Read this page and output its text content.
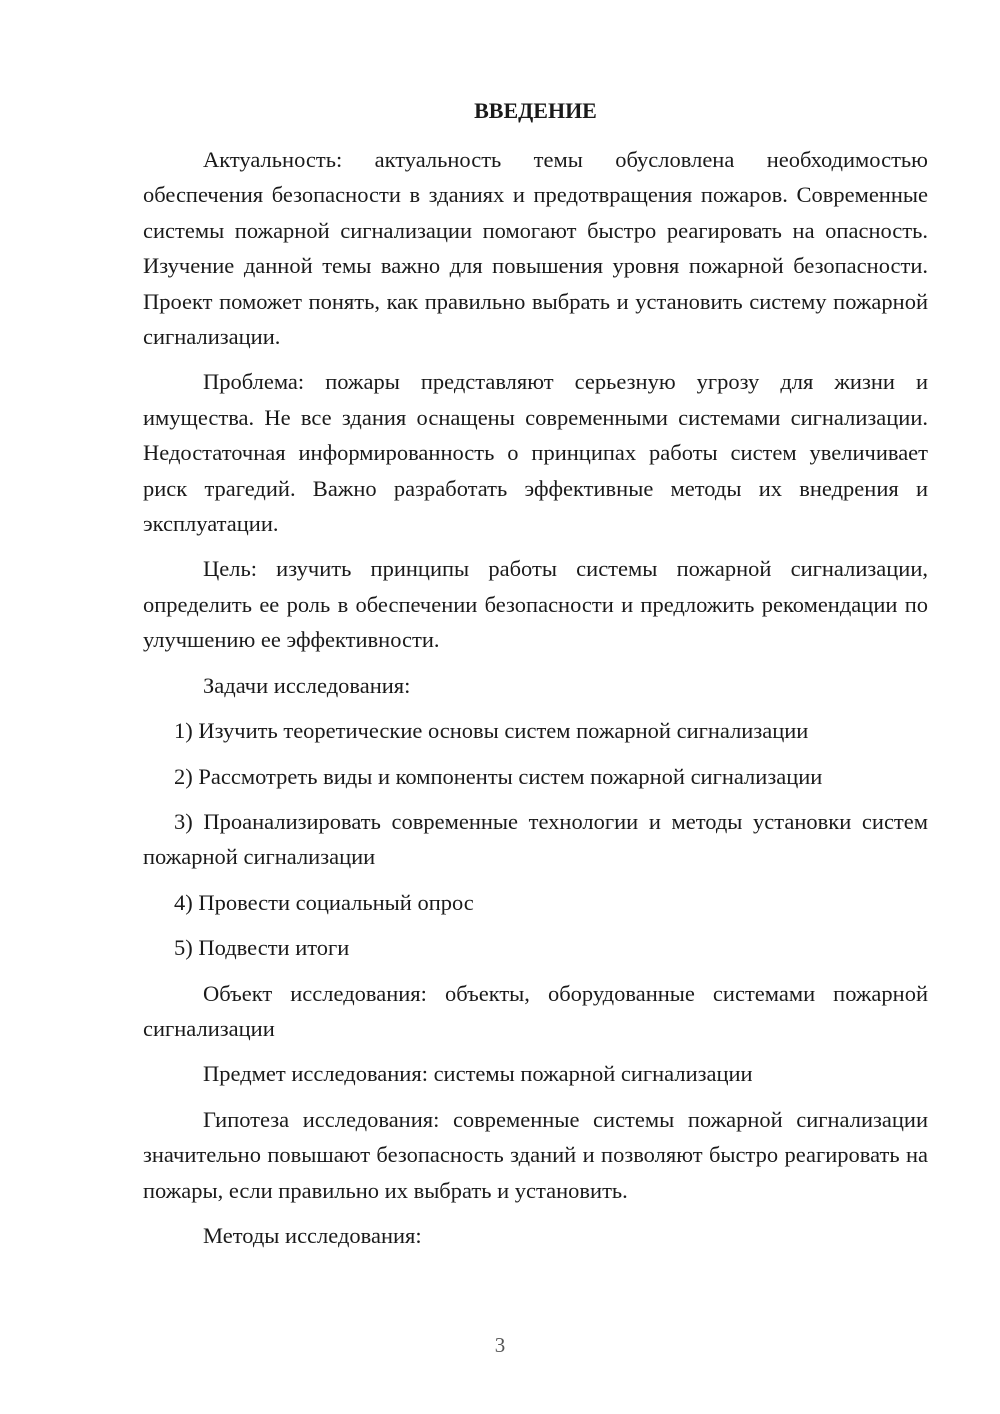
ВВЕДЕНИЕ

Актуальность: актуальность темы обусловлена необходимостью обеспечения безопасности в зданиях и предотвращения пожаров. Современные системы пожарной сигнализации помогают быстро реагировать на опасность. Изучение данной темы важно для повышения уровня пожарной безопасности. Проект поможет понять, как правильно выбрать и установить систему пожарной сигнализации.

Проблема: пожары представляют серьезную угрозу для жизни и имущества. Не все здания оснащены современными системами сигнализации. Недостаточная информированность о принципах работы систем увеличивает риск трагедий. Важно разработать эффективные методы их внедрения и эксплуатации.

Цель: изучить принципы работы системы пожарной сигнализации, определить ее роль в обеспечении безопасности и предложить рекомендации по улучшению ее эффективности.

Задачи исследования:

1) Изучить теоретические основы систем пожарной сигнализации

2) Рассмотреть виды и компоненты систем пожарной сигнализации

3) Проанализировать современные технологии и методы установки систем пожарной сигнализации

4) Провести социальный опрос

5) Подвести итоги

Объект исследования: объекты, оборудованные системами пожарной сигнализации

Предмет исследования: системы пожарной сигнализации

Гипотеза исследования: современные системы пожарной сигнализации значительно повышают безопасность зданий и позволяют быстро реагировать на пожары, если правильно их выбрать и установить.

Методы исследования:

3
